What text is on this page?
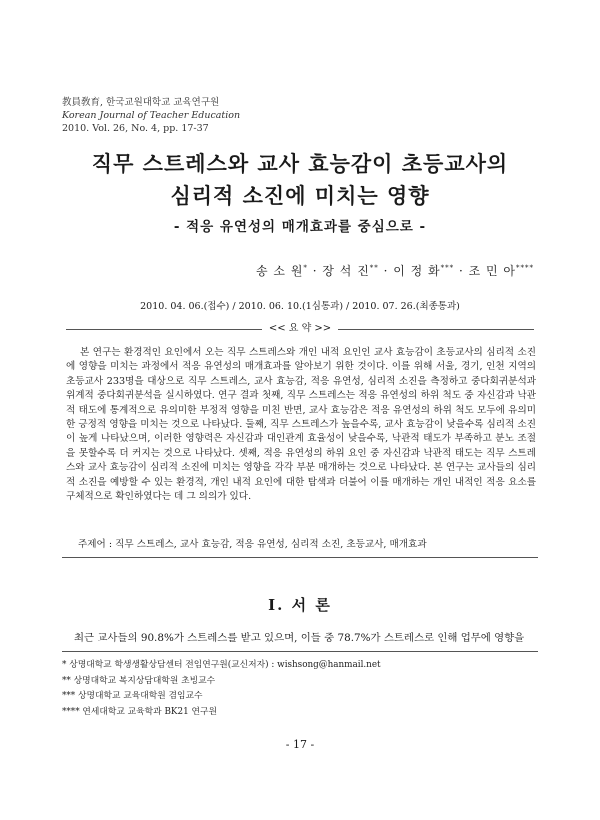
教員敎育, 한국교원대학교 교육연구원
Korean Journal of Teacher Education
2010. Vol. 26, No. 4, pp. 17-37
직무 스트레스와 교사 효능감이 초등교사의
심리적 소진에 미치는 영향
- 적응 유연성의 매개효과를 중심으로 -
송 소 원* · 장 석 진** · 이 정 화*** · 조 민 아****
2010. 04. 06.(접수) / 2010. 06. 10.(1심통과) / 2010. 07. 26.(최종통과)
<< 요 약 >>

본 연구는 환경적인 요인에서 오는 직무 스트레스와 개인 내적 요인인 교사 효능감이 초등교사의 심리적 소진에 영향을 미치는 과정에서 적응 유연성의 매개효과를 알아보기 위한 것이다. 이를 위해 서울, 경기, 인천 지역의 초등교사 233명을 대상으로 직무 스트레스, 교사 효능감, 적응 유연성, 심리적 소진을 측정하고 중다회귀분석과 위계적 중다회귀분석을 실시하였다. 연구 결과 첫째, 직무 스트레스는 적응 유연성의 하위 척도 중 자신감과 낙관적 태도에 통계적으로 유의미한 부정적 영향을 미친 반면, 교사 효능감은 적응 유연성의 하위 척도 모두에 유의미한 긍정적 영향을 미치는 것으로 나타났다. 둘째, 직무 스트레스가 높을수록, 교사 효능감이 낮을수록 심리적 소진이 높게 나타났으며, 이러한 영향력은 자신감과 대인관계 효율성이 낮을수록, 낙관적 태도가 부족하고 분노 조절을 못할수록 더 커지는 것으로 나타났다. 셋째, 적응 유연성의 하위 요인 중 자신감과 낙관적 태도는 직무 스트레스와 교사 효능감이 심리적 소진에 미치는 영향을 각각 부분 매개하는 것으로 나타났다. 본 연구는 교사들의 심리적 소진을 예방할 수 있는 환경적, 개인 내적 요인에 대한 탐색과 더불어 이를 매개하는 개인 내적인 적응 요소를 구체적으로 확인하였다는 데 그 의의가 있다.

주제어 : 직무 스트레스, 교사 효능감, 적응 유연성, 심리적 소진, 초등교사, 매개효과
Ⅰ. 서 론
최근 교사들의 90.8%가 스트레스를 받고 있으며, 이들 중 78.7%가 스트레스로 인해 업무에 영향을
* 상명대학교 학생생활상담센터 전임연구원(교신저자) : wishsong@hanmail.net
** 상명대학교 복지상담대학원 초빙교수
*** 상명대학교 교육대학원 겸임교수
**** 연세대학교 교육학과 BK21 연구원
- 17 -
